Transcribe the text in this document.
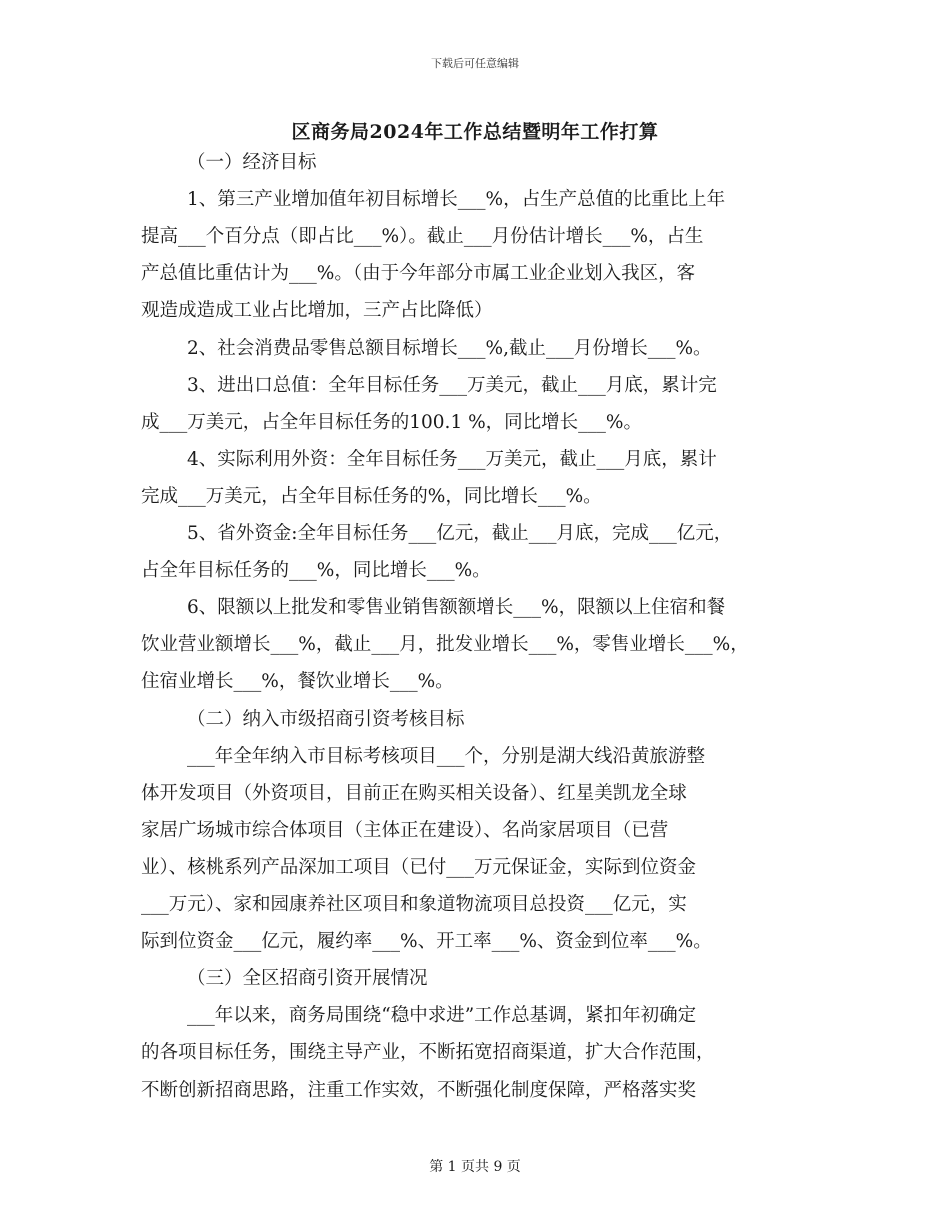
下载后可任意编辑
区商务局2024年工作总结暨明年工作打算
（一）经济目标
1、第三产业增加值年初目标增长___%，占生产总值的比重比上年
提高___个百分点（即占比___%）。截止___月份估计增长___%，占生
产总值比重估计为___%。（由于今年部分市属工业企业划入我区，客
观造成造成工业占比增加，三产占比降低）
2、社会消费品零售总额目标增长___%,截止___月份增长___%。
3、进出口总值：全年目标任务___万美元，截止___月底，累计完
成___万美元，占全年目标任务的100.1 %，同比增长___%。
4、实际利用外资：全年目标任务___万美元，截止___月底，累计
完成___万美元，占全年目标任务的%，同比增长___%。
5、省外资金:全年目标任务___亿元，截止___月底，完成___亿元，
占全年目标任务的___%，同比增长___%。
6、限额以上批发和零售业销售额额增长___%，限额以上住宿和餐
饮业营业额增长___%，截止___月，批发业增长___%，零售业增长___%，
住宿业增长___%，餐饮业增长___%。
（二）纳入市级招商引资考核目标
___年全年纳入市目标考核项目___个，分别是湖大线沿黄旅游整
体开发项目（外资项目，目前正在购买相关设备）、红星美凯龙全球
家居广场城市综合体项目（主体正在建设）、名尚家居项目（已营
业）、核桃系列产品深加工项目（已付___万元保证金，实际到位资金
___万元）、家和园康养社区项目和象道物流项目总投资___亿元，实
际到位资金___亿元，履约率___%、开工率___%、资金到位率___%。
（三）全区招商引资开展情况
___年以来，商务局围绕“稳中求进”工作总基调，紧扣年初确定
的各项目标任务，围绕主导产业，不断拓宽招商渠道，扩大合作范围，
不断创新招商思路，注重工作实效，不断强化制度保障，严格落实奖
第 1 页共 9 页
